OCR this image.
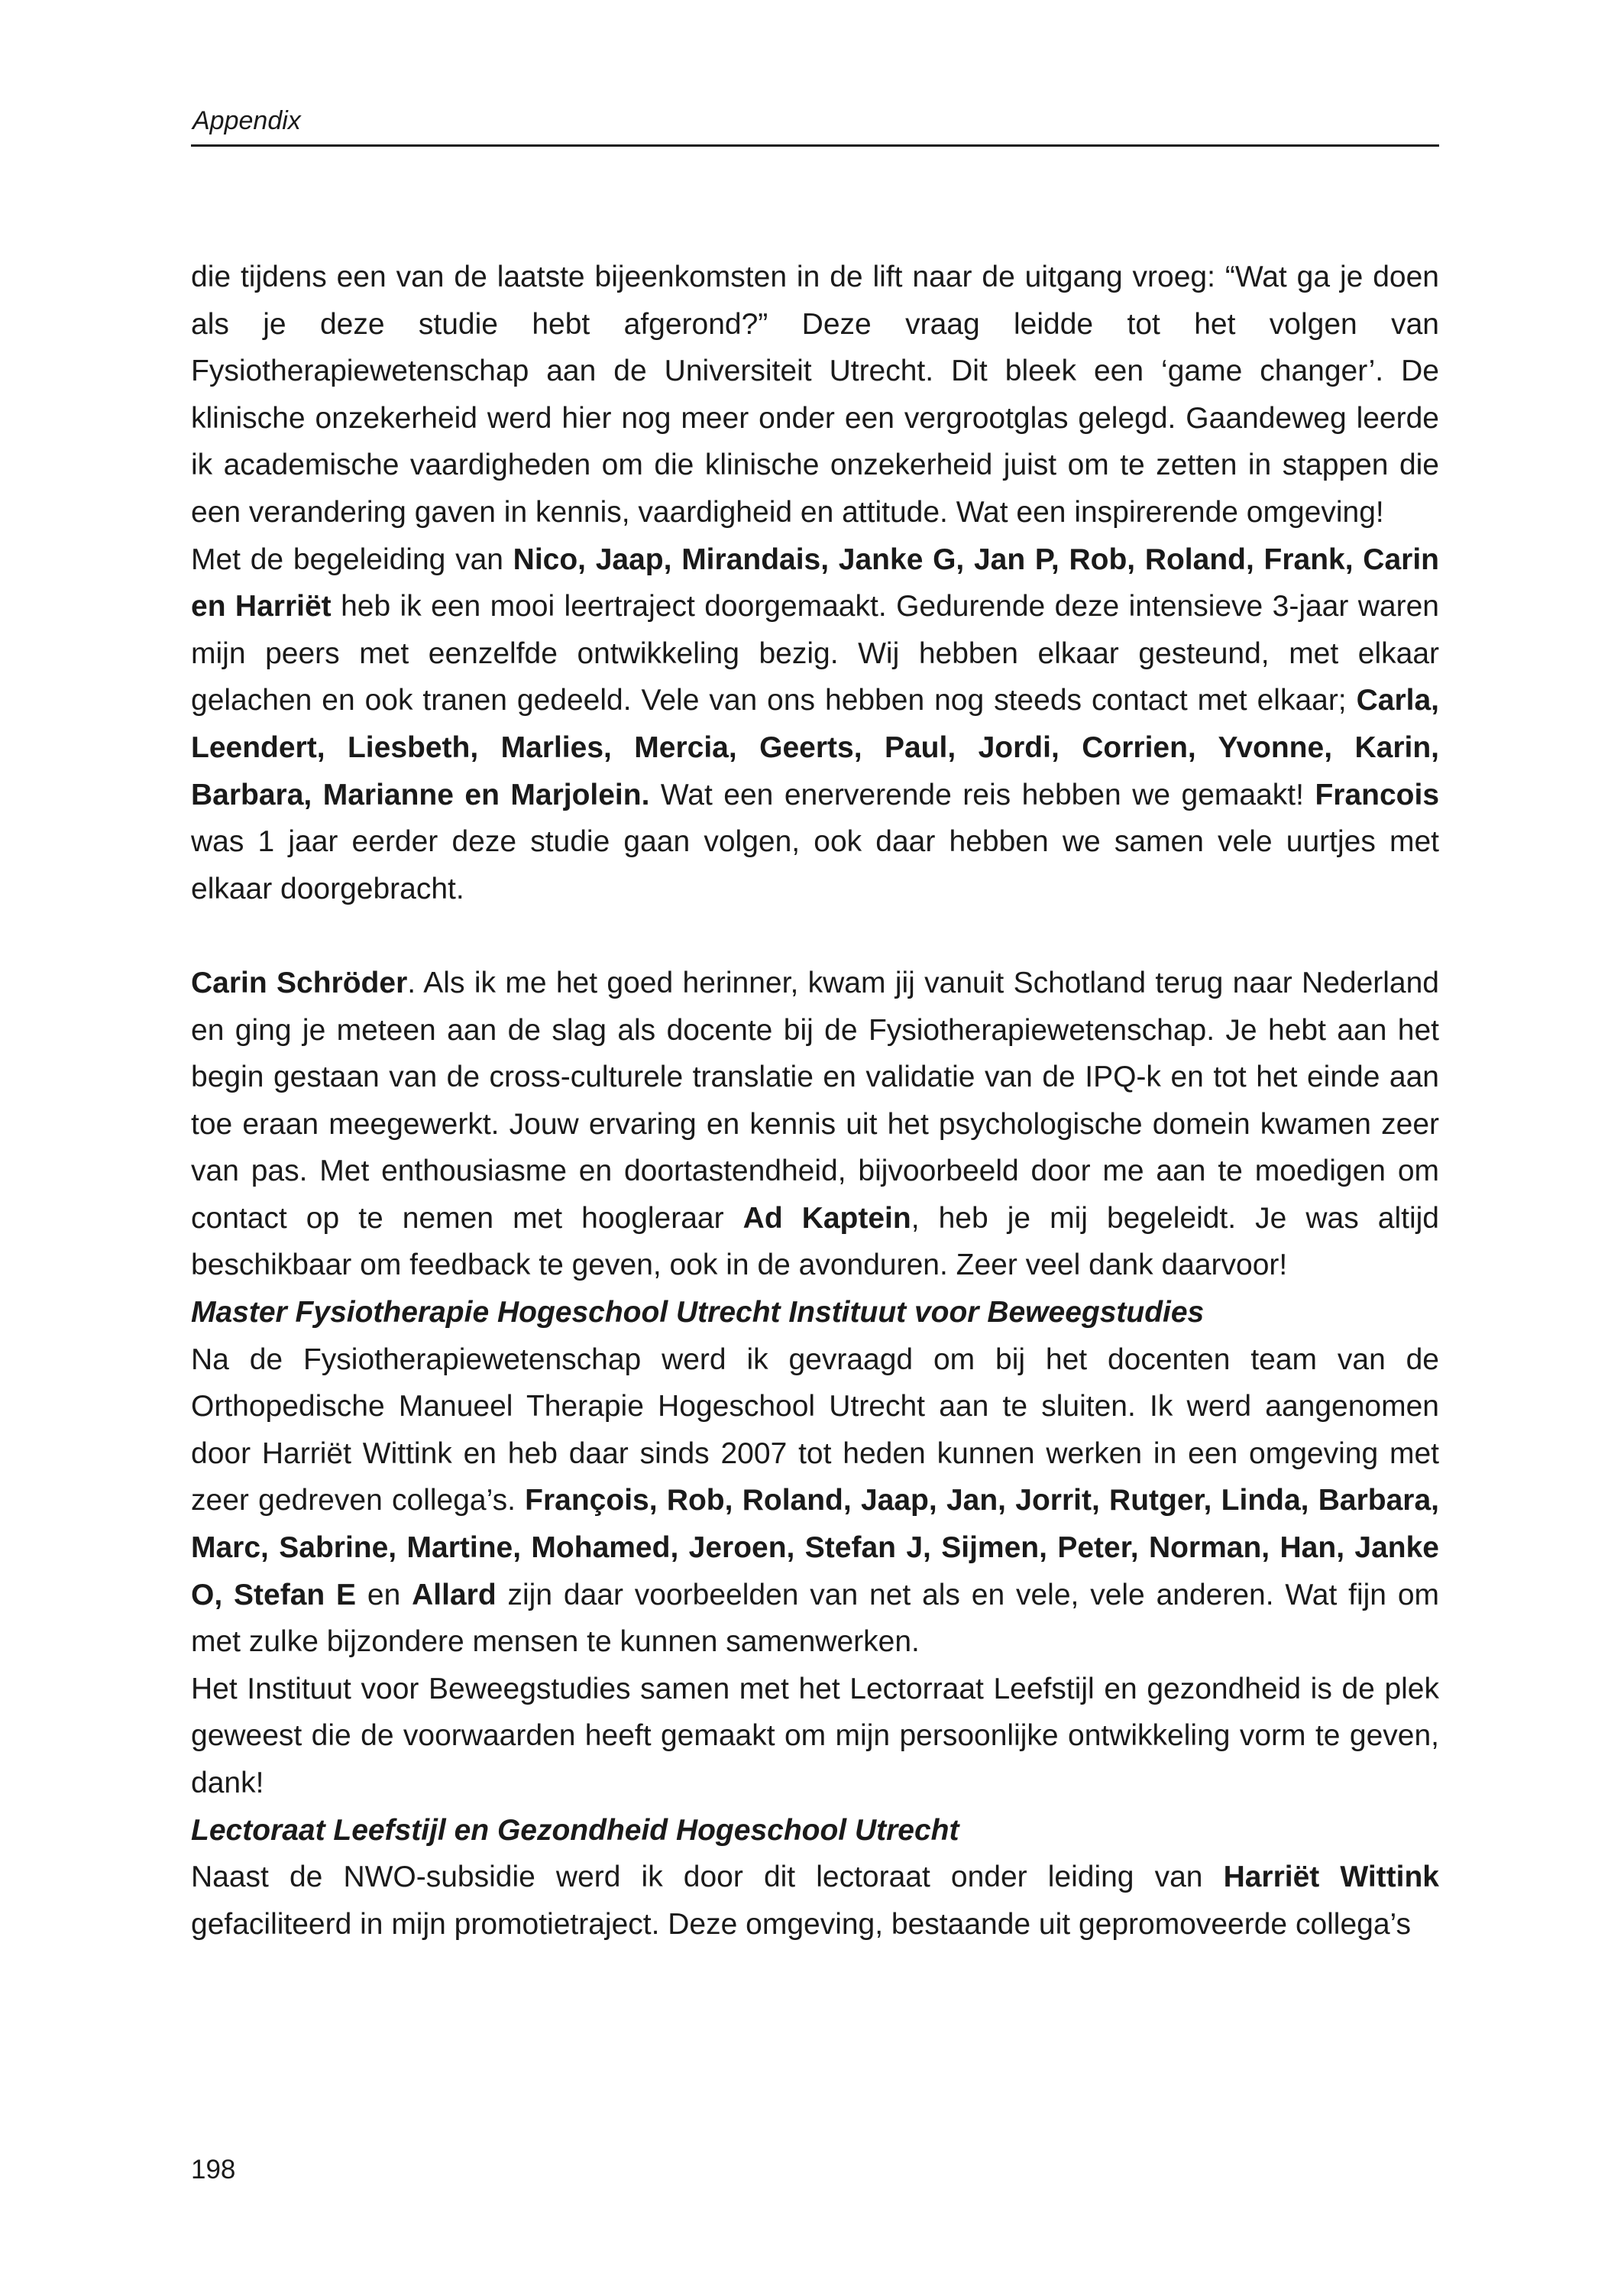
Appendix

die tijdens een van de laatste bijeenkomsten in de lift naar de uitgang vroeg: “Wat ga je doen als je deze studie hebt afgerond?” Deze vraag leidde tot het volgen van Fysiotherapiewetenschap aan de Universiteit Utrecht. Dit bleek een ‘game changer’. De klinische onzekerheid werd hier nog meer onder een vergrootglas gelegd. Gaandeweg leerde ik academische vaardigheden om die klinische onzekerheid juist om te zetten in stappen die een verandering gaven in kennis, vaardigheid en attitude. Wat een inspirerende omgeving!

Met de begeleiding van Nico, Jaap, Mirandais, Janke G, Jan P, Rob, Roland, Frank, Carin en Harriët heb ik een mooi leertraject doorgemaakt. Gedurende deze intensieve 3-jaar waren mijn peers met eenzelfde ontwikkeling bezig. Wij hebben elkaar gesteund, met elkaar gelachen en ook tranen gedeeld. Vele van ons hebben nog steeds contact met elkaar; Carla, Leendert, Liesbeth, Marlies, Mercia, Geerts, Paul, Jordi, Corrien, Yvonne, Karin, Barbara, Marianne en Marjolein. Wat een enerverende reis hebben we gemaakt! Francois was 1 jaar eerder deze studie gaan volgen, ook daar hebben we samen vele uurtjes met elkaar doorgebracht.

Carin Schröder. Als ik me het goed herinner, kwam jij vanuit Schotland terug naar Nederland en ging je meteen aan de slag als docente bij de Fysiotherapiewetenschap. Je hebt aan het begin gestaan van de cross-culturele translatie en validatie van de IPQ-k en tot het einde aan toe eraan meegewerkt. Jouw ervaring en kennis uit het psychologische domein kwamen zeer van pas. Met enthousiasme en doortastendheid, bijvoorbeeld door me aan te moedigen om contact op te nemen met hoogleraar Ad Kaptein, heb je mij begeleidt. Je was altijd beschikbaar om feedback te geven, ook in de avonduren. Zeer veel dank daarvoor!

Master Fysiotherapie Hogeschool Utrecht Instituut voor Beweegstudies

Na de Fysiotherapiewetenschap werd ik gevraagd om bij het docenten team van de Orthopedische Manueel Therapie Hogeschool Utrecht aan te sluiten. Ik werd aangenomen door Harriët Wittink en heb daar sinds 2007 tot heden kunnen werken in een omgeving met zeer gedreven collega’s. François, Rob, Roland, Jaap, Jan, Jorrit, Rutger, Linda, Barbara, Marc, Sabrine, Martine, Mohamed, Jeroen, Stefan J, Sijmen, Peter, Norman, Han, Janke O, Stefan E en Allard zijn daar voorbeelden van net als en vele, vele anderen. Wat fijn om met zulke bijzondere mensen te kunnen samenwerken.

Het Instituut voor Beweegstudies samen met het Lectorraat Leefstijl en gezondheid is de plek geweest die de voorwaarden heeft gemaakt om mijn persoonlijke ontwikkeling vorm te geven, dank!

Lectoraat Leefstijl en Gezondheid Hogeschool Utrecht

Naast de NWO-subsidie werd ik door dit lectoraat onder leiding van Harriët Wittink gefaciliteerd in mijn promotietraject. Deze omgeving, bestaande uit gepromoveerde collega’s

198
